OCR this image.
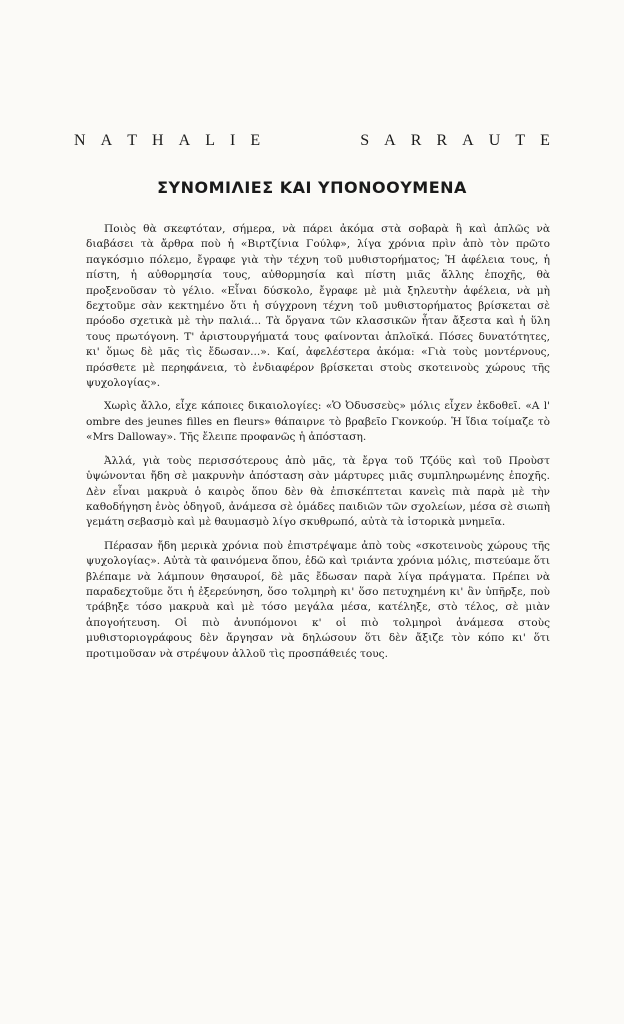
N A T H A L I E	S A R R A U T E
ΣΥΝΟΜΙΛΙΕΣ ΚΑΙ ΥΠΟΝΟΟΥΜΕΝΑ

Ποιὸς θὰ σκεφτόταν, σήμερα, νὰ πάρει ἀκόμα στὰ σοβαρὰ ἢ καὶ ἁπλῶς νὰ διαβάσει τὰ ἄρθρα ποὺ ἡ «Βιρτζίνια Γούλφ», λίγα χρόνια πρὶν ἀπὸ τὸν πρῶτο παγκόσμιο πόλεμο, ἔγραφε γιὰ τὴν τέχνη τοῦ μυθιστορήματος; Ἡ ἀφέλεια τους, ἡ πίστη, ἡ αὐθορμησία τους, αὐθορμησία καὶ πίστη μιᾶς ἄλλης ἐποχῆς, θὰ προξενοῦσαν τὸ γέλιο. «Εἶναι δύσκολο, ἔγραφε μὲ μιὰ ξηλευτὴν ἀφέλεια, νὰ μὴ δεχτοῦμε σὰν κεκτημένο ὅτι ἡ σύγχρονη τέχνη τοῦ μυθιστορήματος βρίσκεται σὲ πρόοδο σχετικὰ μὲ τὴν παλιά... Τὰ ὄργανα τῶν κλασσικῶν ἦταν ἄξεστα καὶ ἡ ὕλη τους πρωτόγονη. Τ' ἀριστουργήματά τους φαίνονται ἁπλοϊκά. Πόσες δυνατότητες, κι' ὅμως δὲ μᾶς τὶς ἔδωσαν...». Καί, ἀφελέστερα ἀκόμα: «Γιὰ τοὺς μοντέρνους, πρόσθετε μὲ περηφάνεια, τὸ ἐνδιαφέρον βρίσκεται στοὺς σκοτεινοὺς χώρους τῆς ψυχολογίας».

Χωρὶς ἄλλο, εἶχε κάποιες δικαιολογίες: «Ὁ Ὀδυσσεὺς» μόλις εἶχεν ἐκδοθεῖ. «A l' ombre des jeunes filles en fleurs» θάπαιρνε τὸ βραβεῖο Γκονκούρ. Ἡ ἴδια τοίμαζε τὸ «Mrs Dalloway». Τῆς ἔλειπε προφανῶς ἡ ἀπόσταση.

Ἀλλά, γιὰ τοὺς περισσότερους ἀπὸ μᾶς, τὰ ἔργα τοῦ Τζόϋς καὶ τοῦ Προὺστ ὑψώνονται ἤδη σὲ μακρυνὴν ἀπόσταση σὰν μάρτυρες μιᾶς συμπληρωμένης ἐποχῆς. Δὲν εἶναι μακρυὰ ὁ καιρὸς ὅπου δὲν θὰ ἐπισκέπτεται κανεὶς πιὰ παρὰ μὲ τὴν καθοδήγηση ἑνὸς ὁδηγοῦ, ἀνάμεσα σὲ ὁμάδες παιδιῶν τῶν σχολείων, μέσα σὲ σιωπὴ γεμάτη σεβασμὸ καὶ μὲ θαυμασμὸ λίγο σκυθρωπό, αὐτὰ τὰ ἱστορικὰ μνημεῖα.

Πέρασαν ἤδη μερικὰ χρόνια ποὺ ἐπιστρέψαμε ἀπὸ τοὺς «σκοτεινοὺς χώρους τῆς ψυχολογίας». Αὐτὰ τὰ φαινόμενα ὅπου, ἐδῶ καὶ τριάντα χρόνια μόλις, πιστεύαμε ὅτι βλέπαμε νὰ λάμπουν θησαυροί, δὲ μᾶς ἔδωσαν παρὰ λίγα πράγματα. Πρέπει νὰ παραδεχτοῦμε ὅτι ἡ ἐξερεύνηση, ὅσο τολμηρὴ κι' ὅσο πετυχημένη κι' ἂν ὑπῆρξε, ποὺ τράβηξε τόσο μακρυὰ καὶ μὲ τόσο μεγάλα μέσα, κατέληξε, στὸ τέλος, σὲ μιὰν ἀπογοήτευση. Οἱ πιὸ ἀνυπόμονοι κ' οἱ πιὸ τολμηροὶ ἀνάμεσα στοὺς μυθιστοριογράφους δὲν ἄργησαν νὰ δηλώσουν ὅτι δὲν ἄξιζε τὸν κόπο κι' ὅτι προτιμοῦσαν νὰ στρέψουν ἀλλοῦ τὶς προσπάθειές τους.
